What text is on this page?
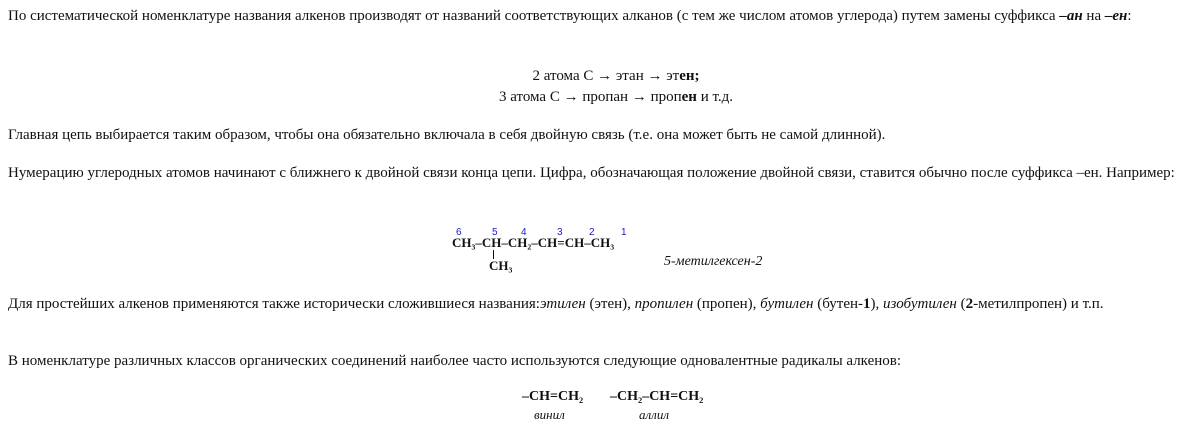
По систематической номенклатуре названия алкенов производят от названий соответствующих алканов (с тем же числом атомов углерода) путем замены суффикса –ан на –ен:

2 атома С → этан → этен;
3 атома С → пропан → пропен и т.д.

Главная цепь выбирается таким образом, чтобы она обязательно включала в себя двойную связь (т.е. она может быть не самой длинной).

Нумерацию углеродных атомов начинают с ближнего к двойной связи конца цепи. Цифра, обозначающая положение двойной связи, ставится обычно после суффикса –ен. Например:

6	5 4	3	2	1
CH₃–CH–CH₂–CH=CH–CH₃
CH₃	5-метилгексен-2

Для простейших алкенов применяются также исторически сложившиеся названия:этилен (этен), пропилен (пропен), бутилен (бутен-1), изобутилен (2-метилпропен) и т.п.

В номенклатуре различных классов органических соединений наиболее часто используются следующие одновалентные радикалы алкенов:

–CH=CH₂
винил
–CH₂–CH=CH₂
аллил
